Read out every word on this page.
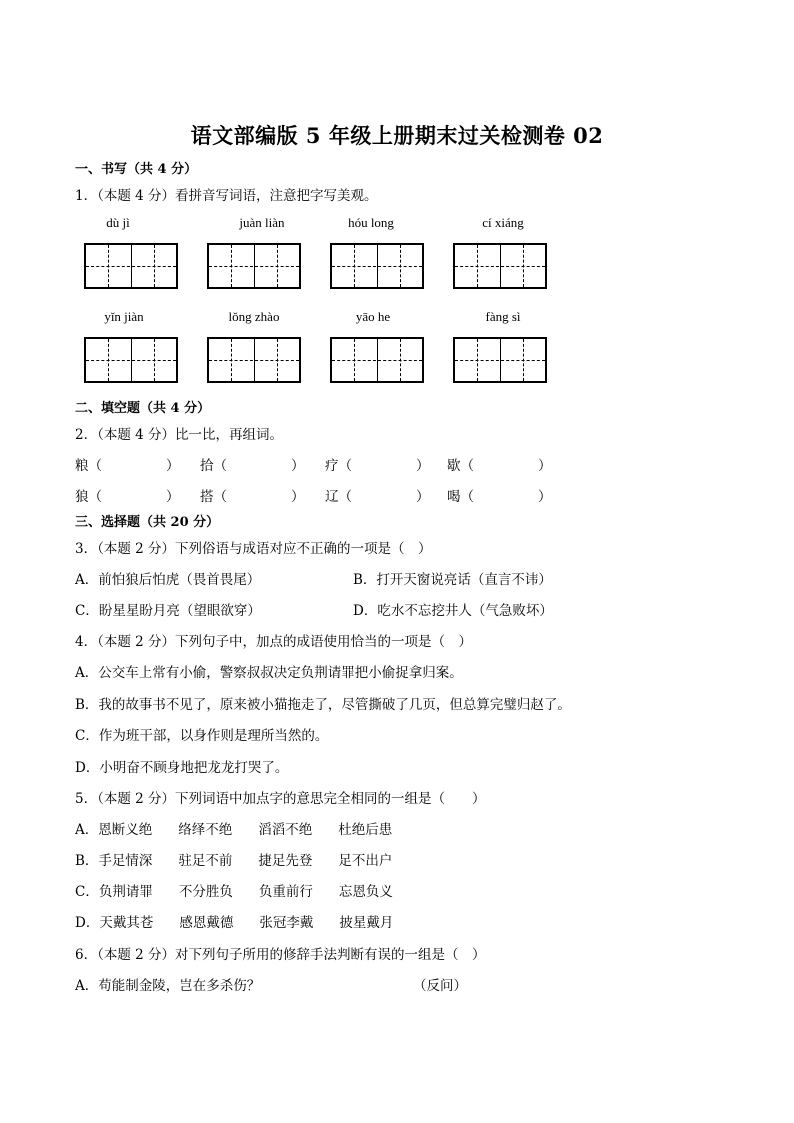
语文部编版 5 年级上册期末过关检测卷 02
一、书写（共 4 分）
1．（本题 4 分）看拼音写词语，注意把字写美观。
dù jì	juàn liàn	hóu long	cí xiáng
yǐn jiàn	lǒng zhào	yāo he	fàng sì
二、填空题（共 4 分）
2．（本题 4 分）比一比，再组词。
粮（	） 拾（	） 疗（	） 歇（	）
狼（	） 搭（	） 辽（	） 喝（	）
三、选择题（共 20 分）
3．（本题 2 分）下列俗语与成语对应不正确的一项是（　）
A．前怕狼后怕虎（畏首畏尾）	B．打开天窗说亮话（直言不讳）
C．盼星星盼月亮（望眼欲穿）	D．吃水不忘挖井人（气急败坏）
4．（本题 2 分）下列句子中，加点的成语使用恰当的一项是（　）
A．公交车上常有小偷，警察叔叔决定负荆请罪把小偷捉拿归案。
B．我的故事书不见了，原来被小猫拖走了，尽管撕破了几页，但总算完璧归赵了。
C．作为班干部，以身作则是理所当然的。
D．小明奋不顾身地把龙龙打哭了。
5．（本题 2 分）下列词语中加点字的意思完全相同的一组是（　　）
A．恩断义绝 络绎不绝 滔滔不绝 杜绝后患
B．手足情深 驻足不前 捷足先登 足不出户
C．负荆请罪 不分胜负 负重前行 忘恩负义
D．天戴其苍 感恩戴德 张冠李戴 披星戴月
6．（本题 2 分）对下列句子所用的修辞手法判断有误的一组是（　）
A．苟能制金陵，岂在多杀伤？	（反问）
